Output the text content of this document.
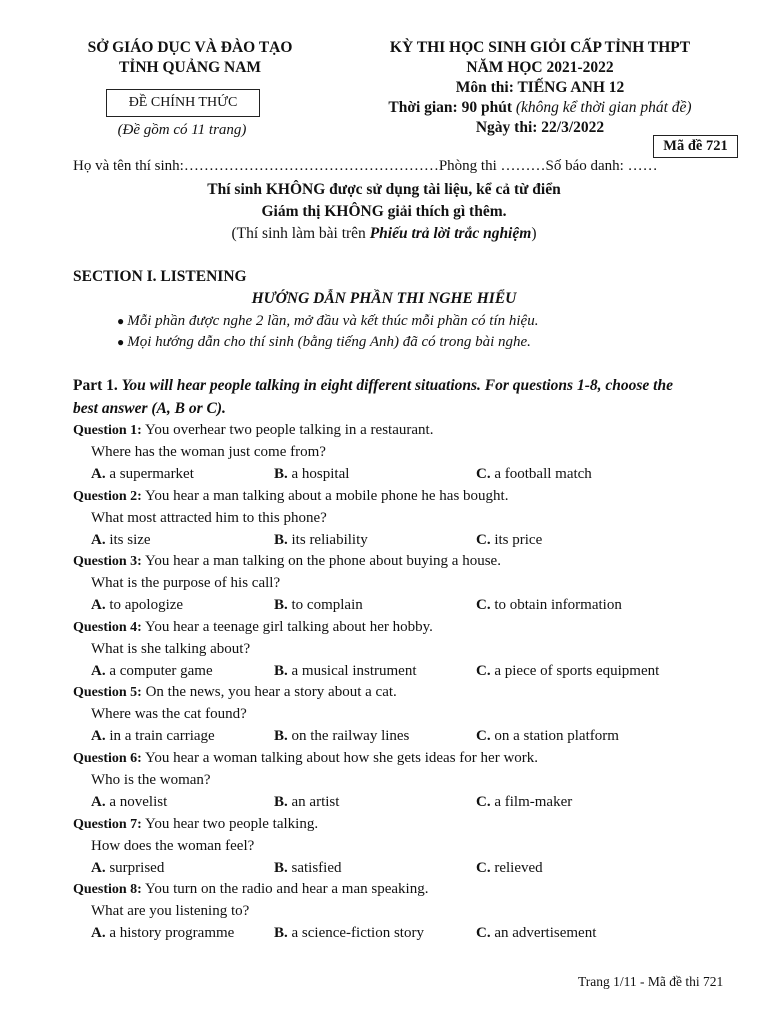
SỞ GIÁO DỤC VÀ ĐÀO TẠO
TỈNH QUẢNG NAM
ĐỀ CHÍNH THỨC
(Đề gồm có 11 trang)
KỲ THI HỌC SINH GIỎI CẤP TỈNH THPT
NĂM HỌC 2021-2022
Môn thi: TIẾNG ANH 12
Thời gian: 90 phút (không kể thời gian phát đề)
Ngày thi: 22/3/2022
Mã đề 721
Họ và tên thí sinh:……………………………………………Phòng thi ………Số báo danh: ……
Thí sinh KHÔNG được sử dụng tài liệu, kể cả từ điển
Giám thị KHÔNG giải thích gì thêm.
(Thí sinh làm bài trên Phiếu trả lời trắc nghiệm)
SECTION I. LISTENING
HƯỚNG DẪN PHẦN THI NGHE HIỂU
● Mỗi phần được nghe 2 lần, mở đầu và kết thúc mỗi phần có tín hiệu.
● Mọi hướng dẫn cho thí sinh (bằng tiếng Anh) đã có trong bài nghe.
Part 1. You will hear people talking in eight different situations. For questions 1-8, choose the
best answer (A, B or C).
Question 1: You overhear two people talking in a restaurant.
Where has the woman just come from?
A. a supermarket	B. a hospital	C. a football match
Question 2: You hear a man talking about a mobile phone he has bought.
What most attracted him to this phone?
A. its size	B. its reliability	C. its price
Question 3: You hear a man talking on the phone about buying a house.
What is the purpose of his call?
A. to apologize	B. to complain	C. to obtain information
Question 4: You hear a teenage girl talking about her hobby.
What is she talking about?
A. a computer game	B. a musical instrument	C. a piece of sports equipment
Question 5: On the news, you hear a story about a cat.
Where was the cat found?
A. in a train carriage	B. on the railway lines	C. on a station platform
Question 6: You hear a woman talking about how she gets ideas for her work.
Who is the woman?
A. a novelist	B. an artist	C. a film-maker
Question 7: You hear two people talking.
How does the woman feel?
A. surprised	B. satisfied	C. relieved
Question 8: You turn on the radio and hear a man speaking.
What are you listening to?
A. a history programme	B. a science-fiction story	C. an advertisement
Trang 1/11 - Mã đề thi 721
